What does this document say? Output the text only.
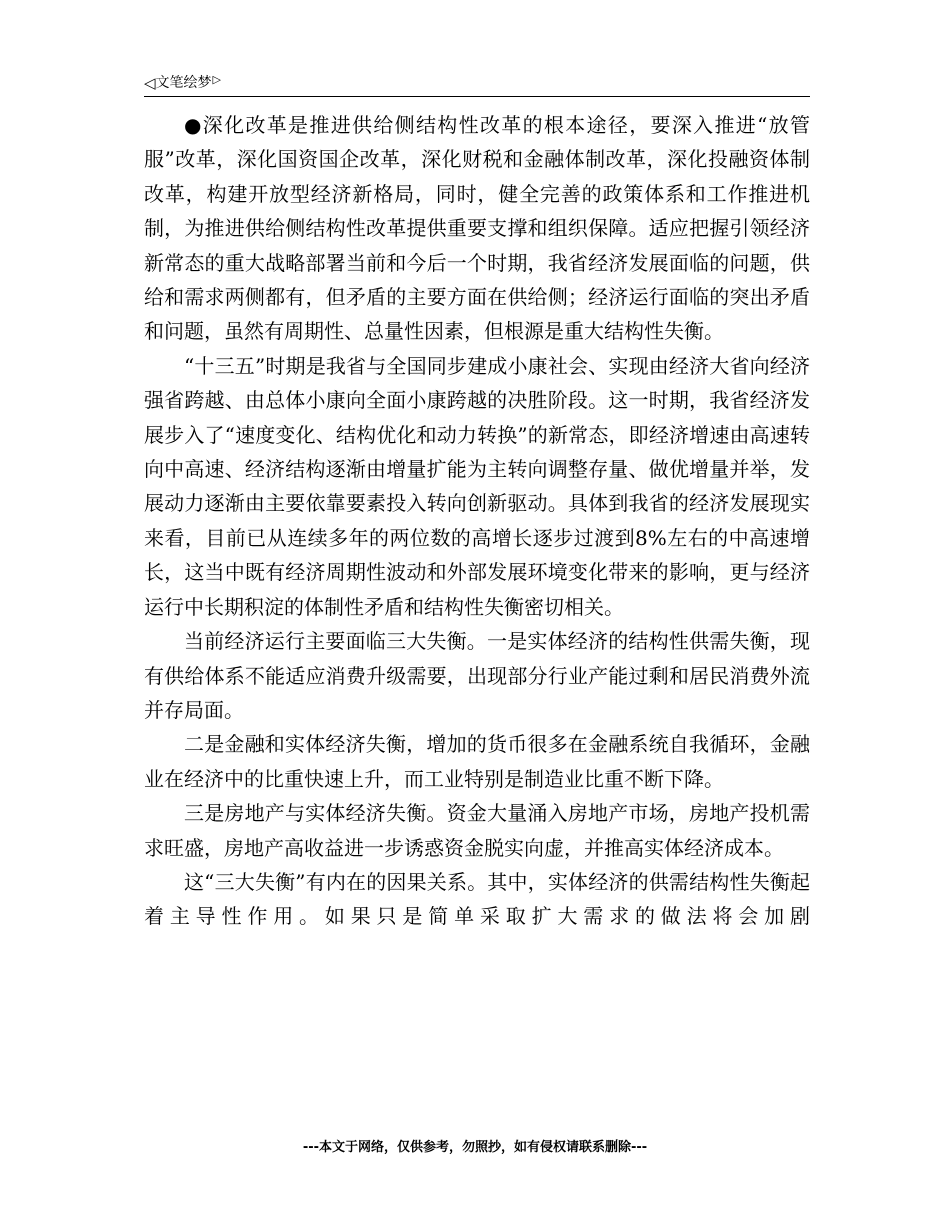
◁ 文笔绘梦 ▷

●深化改革是推进供给侧结构性改革的根本途径，要深入推进“放管服”改革，深化国资国企改革，深化财税和金融体制改革，深化投融资体制改革，构建开放型经济新格局，同时，健全完善的政策体系和工作推进机制，为推进供给侧结构性改革提供重要支撑和组织保障。适应把握引领经济新常态的重大战略部署当前和今后一个时期，我省经济发展面临的问题，供给和需求两侧都有，但矛盾的主要方面在供给侧；经济运行面临的突出矛盾和问题，虽然有周期性、总量性因素，但根源是重大结构性失衡。

“十三五”时期是我省与全国同步建成小康社会、实现由经济大省向经济强省跨越、由总体小康向全面小康跨越的决胜阶段。这一时期，我省经济发展步入了“速度变化、结构优化和动力转换”的新常态，即经济增速由高速转向中高速、经济结构逐渐由增量扩能为主转向调整存量、做优增量并举，发展动力逐渐由主要依靠要素投入转向创新驱动。具体到我省的经济发展现实来看，目前已从连续多年的两位数的高增长逐步过渡到8%左右的中高速增长，这当中既有经济周期性波动和外部发展环境变化带来的影响，更与经济运行中长期积淀的体制性矛盾和结构性失衡密切相关。

当前经济运行主要面临三大失衡。一是实体经济的结构性供需失衡，现有供给体系不能适应消费升级需要，出现部分行业产能过剩和居民消费外流并存局面。

二是金融和实体经济失衡，增加的货币很多在金融系统自我循环，金融业在经济中的比重快速上升，而工业特别是制造业比重不断下降。

三是房地产与实体经济失衡。资金大量涌入房地产市场，房地产投机需求旺盛，房地产高收益进一步诱惑资金脱实向虚，并推高实体经济成本。

这“三大失衡”有内在的因果关系。其中，实体经济的供需结构性失衡起着主导性作用。如果只是简单采取扩大需求的做法将会加剧

---本文于网络，仅供参考，勿照抄，如有侵权请联系删除---
